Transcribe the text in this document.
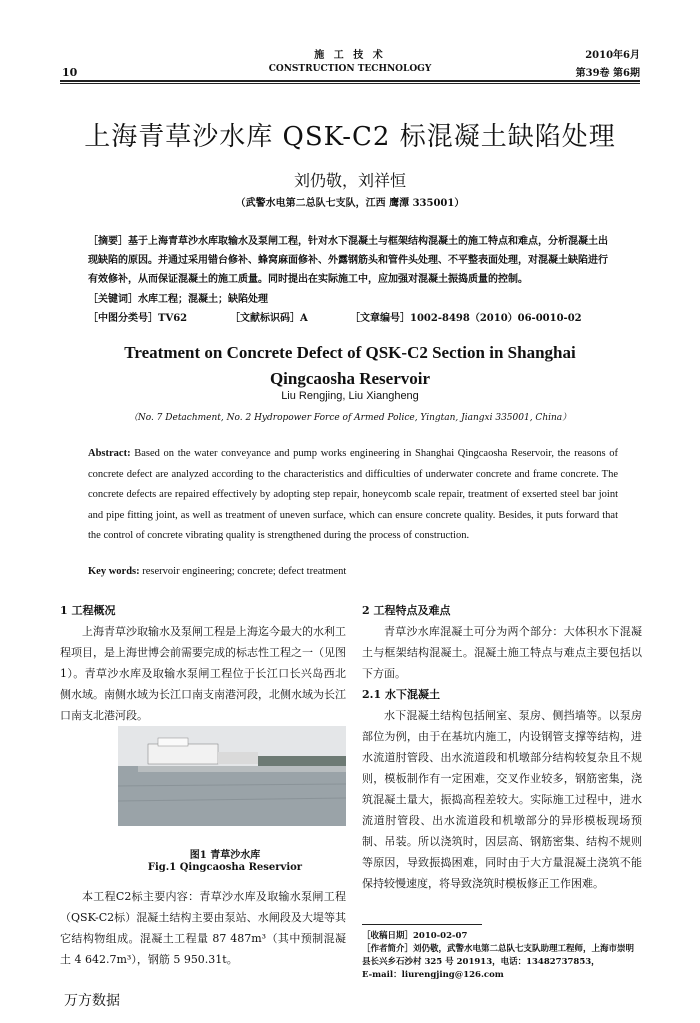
10
施 工 技 术
CONSTRUCTION TECHNOLOGY
2010年6月
第39卷 第6期
上海青草沙水库 QSK-C2 标混凝土缺陷处理
刘仍敬，刘祥恒
（武警水电第二总队七支队，江西 鹰潭 335001）
［摘要］基于上海青草沙水库取输水及泵闸工程，针对水下混凝土与框架结构混凝土的施工特点和难点，分析混凝土出现缺陷的原因。并通过采用错台修补、蜂窝麻面修补、外露钢筋头和管件头处理、不平整表面处理，对混凝土缺陷进行有效修补，从而保证混凝土的施工质量。同时提出在实际施工中，应加强对混凝土振捣质量的控制。
［关键词］水库工程；混凝土；缺陷处理
［中图分类号］TV62	［文献标识码］A	［文章编号］1002-8498（2010）06-0010-02
Treatment on Concrete Defect of QSK-C2 Section in Shanghai
Qingcaosha Reservoir
Liu Rengjing, Liu Xiangheng
（No. 7 Detachment, No. 2 Hydropower Force of Armed Police, Yingtan, Jiangxi 335001, China）
Abstract: Based on the water conveyance and pump works engineering in Shanghai Qingcaosha Reservoir, the reasons of concrete defect are analyzed according to the characteristics and difficulties of underwater concrete and frame concrete. The concrete defects are repaired effectively by adopting step repair, honeycomb scale repair, treatment of exserted steel bar joint and pipe fitting joint, as well as treatment of uneven surface, which can ensure concrete quality. Besides, it puts forward that the control of concrete vibrating quality is strengthened during the process of construction.
Key words: reservoir engineering; concrete; defect treatment
1 工程概况
上海青草沙取输水及泵闸工程是上海迄今最大的水利工程项目，是上海世博会前需要完成的标志性工程之一（见图1）。青草沙水库及取输水泵闸工程位于长江口长兴岛西北侧水域。南侧水域为长江口南支南港河段，北侧水域为长江口南支北港河段。
图1 青草沙水库
Fig.1 Qingcaosha Reservior
本工程C2标主要内容：青草沙水库及取输水泵闸工程（QSK-C2标）混凝土结构主要由泵站、水闸段及大堤等其它结构物组成。混凝土工程量 87 487m³（其中预制混凝土 4 642.7m³），钢筋 5 950.31t。
2 工程特点及难点
青草沙水库混凝土可分为两个部分：大体积水下混凝土与框架结构混凝土。混凝土施工特点与难点主要包括以下方面。
2.1 水下混凝土
水下混凝土结构包括闸室、泵房、侧挡墙等。以泵房部位为例，由于在基坑内施工，内设钢管支撑等结构，进水流道肘管段、出水流道段和机墩部分结构较复杂且不规则，模板制作有一定困难，交叉作业较多，钢筋密集，浇筑混凝土量大，振捣高程差较大。实际施工过程中，进水流道肘管段、出水流道段和机墩部分的异形模板现场预制、吊装。所以浇筑时，因层高、钢筋密集、结构不规则等原因，导致振捣困难，同时由于大方量混凝土浇筑不能保持较慢速度，将导致浇筑时模板修正工作困难。
［收稿日期］2010-02-07
［作者简介］刘仍敬，武警水电第二总队七支队助理工程师，上海市崇明县长兴乡石沙村 325 号 201913，电话：13482737853，
E-mail：liurengjing@126.com
万方数据
